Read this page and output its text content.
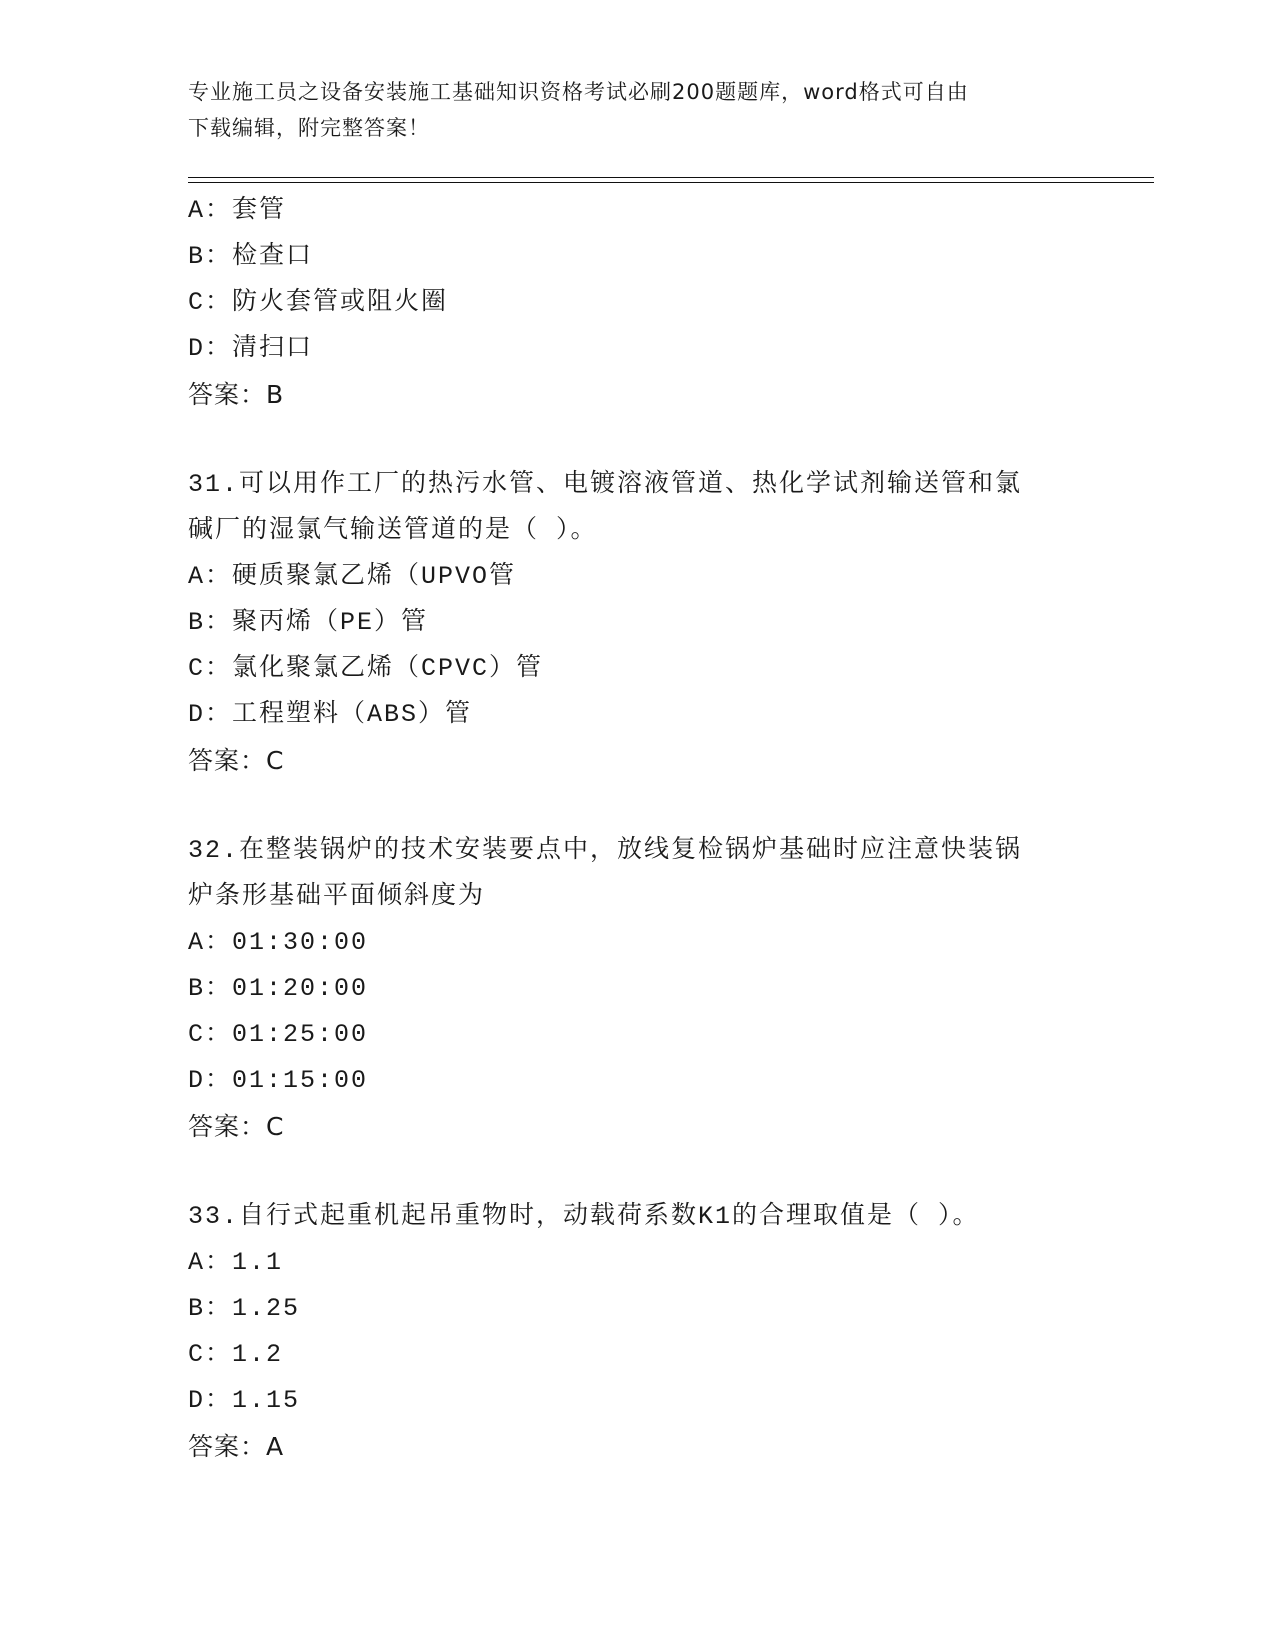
专业施工员之设备安装施工基础知识资格考试必刷200题题库，word格式可自由
下载编辑，附完整答案！
A：套管
B：检查口
C：防火套管或阻火圈
D：清扫口
答案：B
31.可以用作工厂的热污水管、电镀溶液管道、热化学试剂输送管和氯
碱厂的湿氯气输送管道的是（ ）。
A：硬质聚氯乙烯（UPVO管
B：聚丙烯（PE）管
C：氯化聚氯乙烯（CPVC）管
D：工程塑料（ABS）管
答案：C
32.在整装锅炉的技术安装要点中，放线复检锅炉基础时应注意快装锅
炉条形基础平面倾斜度为
A：01:30:00
B：01:20:00
C：01:25:00
D：01:15:00
答案：C
33.自行式起重机起吊重物时，动载荷系数K1的合理取值是（ ）。
A：1.1
B：1.25
C：1.2
D：1.15
答案：A
